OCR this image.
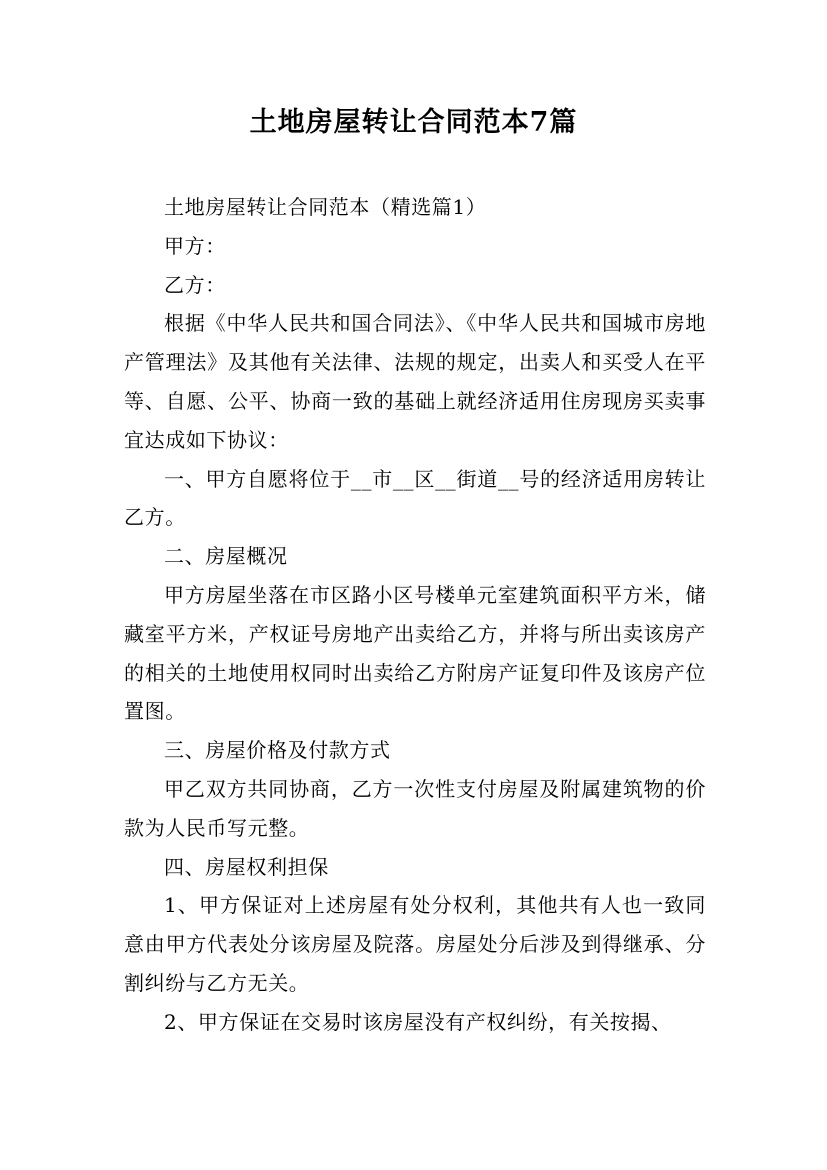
土地房屋转让合同范本7篇

土地房屋转让合同范本（精选篇1）

甲方：

乙方：

根据《中华人民共和国合同法》、《中华人民共和国城市房地产管理法》及其他有关法律、法规的规定，出卖人和买受人在平等、自愿、公平、协商一致的基础上就经济适用住房现房买卖事宜达成如下协议：

一、甲方自愿将位于__市__区__街道__号的经济适用房转让乙方。

二、房屋概况

甲方房屋坐落在市区路小区号楼单元室建筑面积平方米，储藏室平方米，产权证号房地产出卖给乙方，并将与所出卖该房产的相关的土地使用权同时出卖给乙方附房产证复印件及该房产位置图。

三、房屋价格及付款方式

甲乙双方共同协商，乙方一次性支付房屋及附属建筑物的价款为人民币写元整。

四、房屋权利担保

1、甲方保证对上述房屋有处分权利，其他共有人也一致同意由甲方代表处分该房屋及院落。房屋处分后涉及到得继承、分割纠纷与乙方无关。

2、甲方保证在交易时该房屋没有产权纠纷，有关按揭、
